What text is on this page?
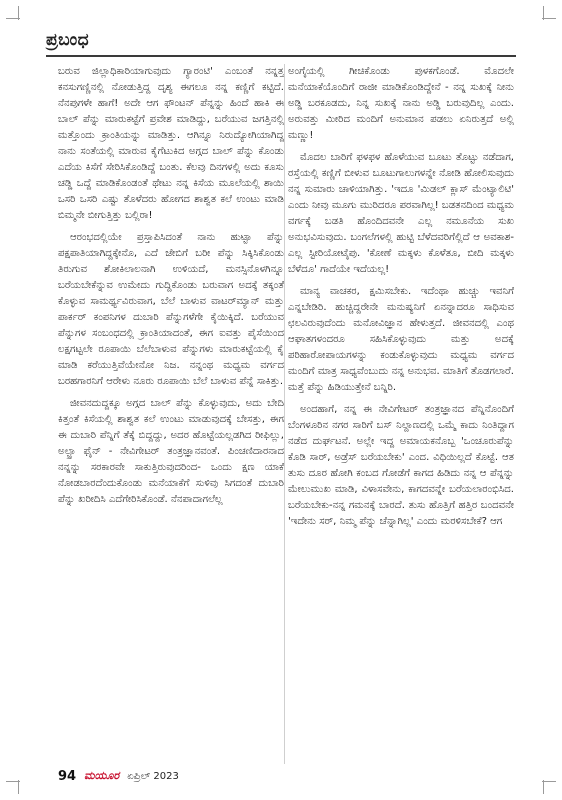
ಪ್ರಬಂಧ

ಬರುವ ಜಿಲ್ಲಾಧಿಕಾರಿಯಾಗುವುದು ಗ್ಯಾರಂಟಿ' ಎಂಬಂತೆ ನನ್ನತ್ತ ಕನಸುಗಣ್ಣಿನಲ್ಲಿ ನೋಡುತ್ತಿದ್ದ ದೃಶ್ಯ ಈಗಲೂ ನನ್ನ ಕಣ್ಣಿಗೆ ಕಟ್ಟಿದೆ. ನೆನಪುಗಳೇ ಹಾಗೆ! ಅದೇ ಆಗ ಫೌಂಟನ್ ಪೆನ್ನನ್ನು ಹಿಂದೆ ಹಾಕಿ ಈ ಬಾಲ್ ಪೆನ್ನು ಮಾರುಕಟ್ಟೆಗೆ ಪ್ರವೇಶ ಮಾಡಿದ್ದು, ಬರೆಯುವ ಜಗತ್ತಿನಲ್ಲಿ ಮತ್ತೊಂದು ಕ್ರಾಂತಿಯನ್ನು ಮಾಡಿತ್ತು. ಆಗಿನ್ನೂ ನಿರುದ್ಯೋಗಿಯಾಗಿದ್ದ ನಾನು ಸಂತೆಯಲ್ಲಿ ಮಾರುವ ಕೈಗೆಟುಕಿದ ಅಗ್ಗದ ಬಾಲ್ ಪೆನ್ನು ಕೊಂಡು ಎದೆಯ ಕಿಸೆಗೆ ಸೇರಿಸಿಕೊಂಡಿದ್ದೆ ಬಂತು. ಕೆಲವು ದಿನಗಳಲ್ಲಿ ಅದು ಕೂಸು ಚಡ್ಡಿ ಒದ್ದೆ ಮಾಡಿಕೊಂಡಂತೆ ಥೇಟು ನನ್ನ ಕಿಸೆಯ ಮೂಲೆಯಲ್ಲಿ ಶಾಯಿ ಒಸರಿ ಒಸರಿ ಎಷ್ಟು ತೊಳೆದರು ಹೋಗದ ಶಾಶ್ವತ ಕಲೆ ಉಂಟು ಮಾಡಿ ಬಿಮ್ಮನೇ ಬೀಗುತ್ತಿತ್ತು ಬಲ್ಲಿರಾ!

ಆರಂಭದಲ್ಲಿಯೇ ಪ್ರಸ್ತಾಪಿಸಿದಂತೆ ನಾನು ಹುಟ್ಟಾ ಪೆನ್ನು ಪಕ್ಷಪಾತಿಯಾಗಿದ್ದಕ್ಕೇನೊ, ಎದೆ ಜೇಬಿಗೆ ಬರೀ ಪೆನ್ನು ಸಿಕ್ಕಿಸಿಕೊಂಡು ತಿರುಗುವ ಶೋಕಿಲಾಲನಾಗಿ ಉಳಿಯದೆ, ಮನಸ್ಸಿನೊಳಗಿನ್ನೂ ಬರೆಯಬೇಕೆನ್ನುವ ಉಮೇದು ಗುದ್ದಿಕೊಂಡು ಬರುವಾಗ ಅದಕ್ಕೆ ತಕ್ಕಂತೆ ಕೊಳ್ಳುವ ಸಾಮರ್ಥ್ಯವಿರುವಾಗ, ಬೆಲೆ ಬಾಳುವ ವಾಟರ್‌ಮ್ಯಾನ್ ಮತ್ತು ಪಾರ್ಕರ್ ಕಂಪನಿಗಳ ದುಬಾರಿ ಪೆನ್ನುಗಳೆಗೇ ಕೈಯಿಕ್ಕಿದೆ. ಬರೆಯುವ ಪೆನ್ನುಗಳ ಸಂಬಂಧದಲ್ಲಿ ಕ್ರಾಂತಿಯಾದಂತೆ, ಈಗ ಐವತ್ತು ಪೈಸೆಯಿಂದ ಲಕ್ಷಗಟ್ಟಲೇ ರೂಪಾಯಿ ಬೆಲೆಬಾಳುವ ಪೆನ್ನುಗಳು ಮಾರುಕಟ್ಟೆಯಲ್ಲಿ ಕೈ ಮಾಡಿ ಕರೆಯುತ್ತಿವೆಯೇನೋ ನಿಜ. ನನ್ನಂಥ ಮಧ್ಯಮ ವರ್ಗದ ಬರಹಗಾರನಿಗೆ ಆರೇಳು ನೂರು ರೂಪಾಯಿ ಬೆಲೆ ಬಾಳುವ ಪೆನ್ನೆ ಸಾಕಿತ್ತು.

ಜೀವನದುದ್ದಕ್ಕೂ ಅಗ್ಗದ ಬಾಲ್ ಪೆನ್ನು ಕೊಳ್ಳುವುದು, ಅದು ಬೇದಿ ಕಿತ್ತಂತೆ ಕಿಸೆಯಲ್ಲಿ ಶಾಶ್ವತ ಕಲೆ ಉಂಟು ಮಾಡುವುದಕ್ಕೆ ಬೇಸತ್ತು, ಈಗ ಈ ದುಬಾರಿ ಪೆನ್ನಿಗೆ ತೆಕ್ಕೆ ಬಿದ್ದದ್ದು, ಅದರ ಹೊಟ್ಟೆಯಲ್ಲಡಗಿದ ರೀಫಿಲ್ಲು, ಅಲ್ಟ್ರಾ ಫೈನ್ - ನೇವಿಗೇಟರ್ ತಂತ್ರಜ್ಞಾನವಂತೆ. ಪಿಂಚಣಿದಾರನಾದ ನನ್ನನ್ನು ಸರಕಾರವೇ ಸಾಕುತ್ತಿರುವುದರಿಂದ- ಒಂದು ಕ್ಷಣ ಯಾಕೆ ನೋಡಬಾರದೆಂದುಕೊಂಡು ಮನೆಯಾಕೆಗೆ ಸುಳಿವು ಸಿಗದಂತೆ ದುಬಾರಿ ಪೆನ್ನು ಖರೀದಿಸಿ ಎದೆಗೇರಿಸಿಕೊಂಡೆ. ನೆನಪಾದಾಗಲೆಲ್ಲ

ಅಂಗೈಯಲ್ಲಿ ಗೀಚಿಕೊಂಡು ಪುಳಕಗೊಂಡೆ. ಮೊದಲೇ ಮನೆಯಾಕೆಯೊಂದಿಗೆ ರಾಜೀ ಮಾಡಿಕೊಂಡಿದ್ದೇನೆ - ನನ್ನ ಸುಖಕ್ಕೆ ನೀನು ಅಡ್ಡಿ ಬರಕೂಡದು, ನಿನ್ನ ಸುಖಕ್ಕೆ ನಾನು ಅಡ್ಡಿ ಬರುವುದಿಲ್ಲ ಎಂದು. ಅರುವತ್ತು ಮೀರಿದ ಮಂದಿಗೆ ಅನುಮಾನ ಪಡಲು ಏನಿರುತ್ತದೆ ಅಲ್ಲಿ ಮಣ್ಣು!

ಮೊದಲ ಬಾರಿಗೆ ಫಳಫಳ ಹೊಳೆಯುವ ಬೂಟು ತೊಟ್ಟು ನಡೆದಾಗ, ರಸ್ತೆಯಲ್ಲಿ ಕಣ್ಣಿಗೆ ಬೀಳುವ ಬೂಟುಗಾಲುಗಳನ್ನೇ ನೋಡಿ ಹೋಲಿಸುವುದು ನನ್ನ ಸುಮಾರು ಚಾಳಿಯಾಗಿತ್ತು. 'ಇದೂ 'ಮಿಡಲ್ ಕ್ಲಾಸ್ ಮೆಂಟ್ಯಾಲಿಟಿ' ಎಂದು ನೀವು ಮೂಗು ಮುರಿದರೂ ಪರವಾಗಿಲ್ಲ! ಬಡತನದಿಂದ ಮಧ್ಯಮ ವರ್ಗಕ್ಕೆ ಬಡತಿ ಹೊಂದಿದವನೇ ಎಲ್ಲ ನಮೂನೆಯ ಸುಖ ಅನುಭವಿಸುವುದು. ಬಂಗಲೆಗಳಲ್ಲಿ ಹುಟ್ಟಿ ಬೆಳೆದವರಿಗೆಲ್ಲಿದೆ ಆ ಅವಕಾಶ- ಎಲ್ಲ ಸ್ಟೀರಿಯೋಟೈಪು. 'ಕೋಣೆ ಮಕ್ಕಳು ಕೊಳೆತೂ, ಬೀದಿ ಮಕ್ಕಳು ಬೆಳೆದೂ' ಗಾದೆಯೇ ಇದೆಯಲ್ಲ!

ಮಾನ್ಯ ವಾಚಕರ, ಕ್ಷಮಿಸಬೇಕು. ಇದೆಂಥಾ ಹುಚ್ಚು ಇವನಿಗೆ ಎನ್ನಬೇಡಿರಿ. ಹುಚ್ಚಿದ್ದರೇನೇ ಮನುಷ್ಯನಿಗೆ ಏನನ್ನಾದರೂ ಸಾಧಿಸುವ ಛಲವಿರುವುದೆಂದು ಮನೋವಿಜ್ಞಾನ ಹೇಳುತ್ತದೆ. ಜೀವನದಲ್ಲಿ ಎಂಥ ಆಘಾತಗಳಂದರೂ ಸಹಿಸಿಕೊಳ್ಳುವುದು ಮತ್ತು ಅದಕ್ಕೆ ಪರಿಹಾರೋಪಾಯಗಳನ್ನು ಕಂಡುಕೊಳ್ಳುವುದು ಮಧ್ಯಮ ವರ್ಗದ ಮಂದಿಗೆ ಮಾತ್ರ ಸಾಧ್ಯವೆಂಬುದು ನನ್ನ ಅನುಭವ. ಮಾತಿಗೆ ತೊಡಗಲಾರೆ. ಮತ್ತೆ ಪೆನ್ನು ಹಿಡಿಯುತ್ತೇನೆ ಬನ್ನಿರಿ.

ಅಂದಹಾಗೆ, ನನ್ನ ಈ ನೇವಿಗೇಟರ್ ತಂತ್ರಜ್ಞಾನದ ಪೆನ್ನಿನೊಂದಿಗೆ ಬೆಂಗಳೂರಿನ ನಗರ ಸಾರಿಗೆ ಬಸ್ ನಿಲ್ದಾಣದಲ್ಲಿ ಒಮ್ಮೆ ಕಾದು ನಿಂತಿದ್ದಾಗ ನಡೆದ ದುರ್ಘಟನೆ. ಅಲ್ಲೇ ಇದ್ದ ಅಮಾಯಕನೊಬ್ಬ 'ಒಂಚೂರುಪೆನ್ನು ಕೊಡಿ ಸಾರ್, ಅಡ್ರೆಸ್ ಬರೆಯಬೇಕು' ಎಂದ. ವಿಧಿಯಿಲ್ಲದೆ ಕೊಟ್ಟೆ. ಆತ ತುಸು ದೂರ ಹೋಗಿ ಕಂಬದ ಗೋಡೆಗೆ ಕಾಗದ ಹಿಡಿದು ನನ್ನ ಆ ಪೆನ್ನನ್ನು ಮೇಲುಮುಖ ಮಾಡಿ, ವಿಳಾಸವೇನು, ಕಾಗದವನ್ನೇ ಬರೆಯಲಾರಂಭಿಸಿದ. ಬರೆಯಬೇಕು-ನನ್ನ ಗಮನಕ್ಕೆ ಬಾರದೆ. ತುಸು ಹೊತ್ತಿಗೆ ಹತ್ತಿರ ಬಂದವನೇ 'ಇದೇನು ಸರ್, ನಿಮ್ಮ ಪೆನ್ನು ಚೆನ್ನಾಗಿಲ್ಲ' ಎಂದು ಮರಳಿಸಬೇಕೆ? ಆಗ

94 ಮಯೂರ ಏಪ್ರಿಲ್ 2023
